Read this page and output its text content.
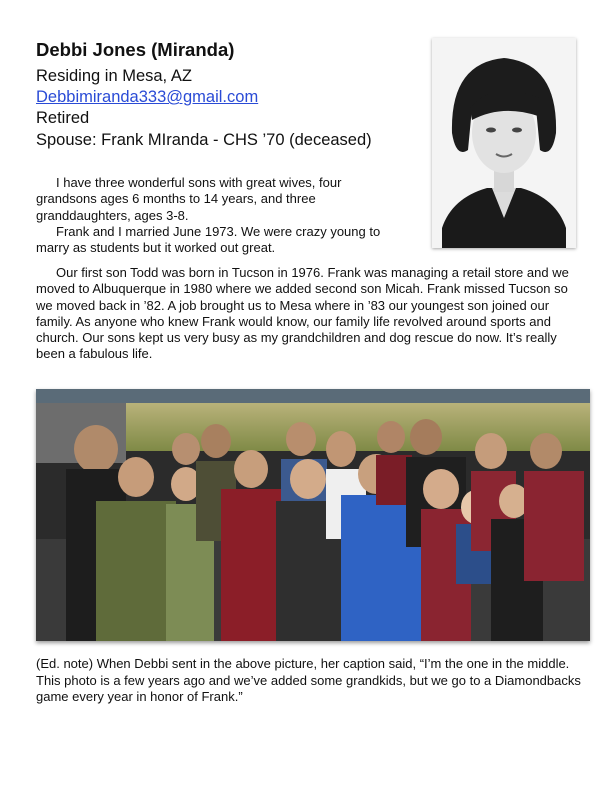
Debbi Jones (Miranda)
Residing in Mesa, AZ
Debbimiranda333@gmail.com
Retired
Spouse: Frank MIranda - CHS ’70 (deceased)

I have three wonderful sons with great wives, four grandsons ages 6 months to 14 years, and three granddaughters, ages 3-8.

Frank and I married June 1973. We were crazy young to marry as students but it worked out great.

Our first son Todd was born in Tucson in 1976. Frank was managing a retail store and we moved to Albuquerque in 1980 where we added second son Micah. Frank missed Tucson so we moved back in ’82. A job brought us to Mesa where in ’83 our youngest son joined our family. As anyone who knew Frank would know, our family life revolved around sports and church. Our sons kept us very busy as my grandchildren and dog rescue do now. It’s really been a fabulous life.

(Ed. note) When Debbi sent in the above picture, her caption said, “I’m the one in the middle. This photo is a few years ago and we’ve added some grandkids, but we go to a Diamondbacks game every year in honor of Frank.”
